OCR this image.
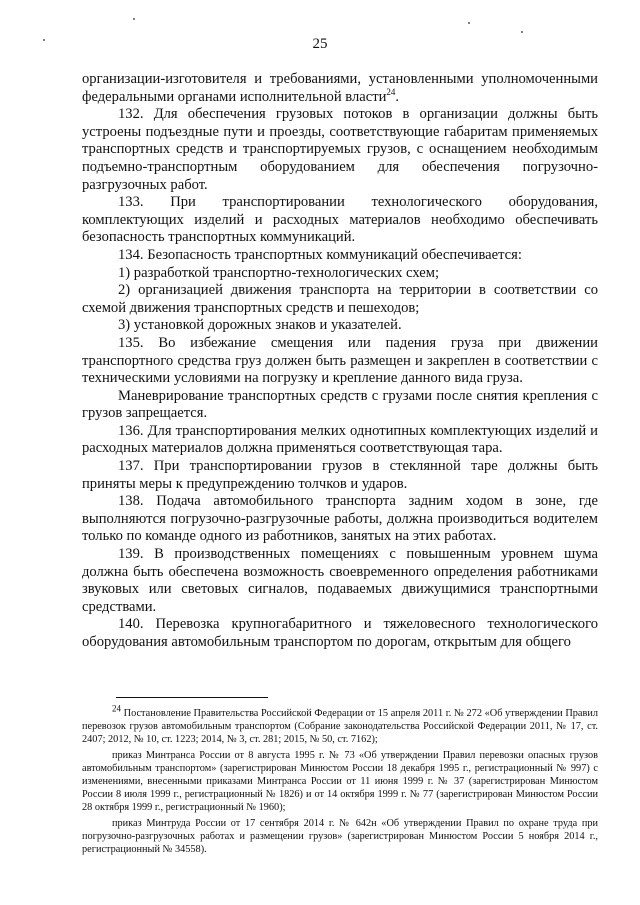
25

организации-изготовителя и требованиями, установленными уполномоченными федеральными органами исполнительной власти$^{24}$.

132. Для обеспечения грузовых потоков в организации должны быть устроены подъездные пути и проезды, соответствующие габаритам применяемых транспортных средств и транспортируемых грузов, с оснащением необходимым подъемно-транспортным оборудованием для обеспечения погрузочно-разгрузочных работ.

133. При транспортировании технологического оборудования, комплектующих изделий и расходных материалов необходимо обеспечивать безопасность транспортных коммуникаций.

134. Безопасность транспортных коммуникаций обеспечивается:

1) разработкой транспортно-технологических схем;

2) организацией движения транспорта на территории в соответствии со схемой движения транспортных средств и пешеходов;

3) установкой дорожных знаков и указателей.

135. Во избежание смещения или падения груза при движении транспортного средства груз должен быть размещен и закреплен в соответствии с техническими условиями на погрузку и крепление данного вида груза.

Маневрирование транспортных средств с грузами после снятия крепления с грузов запрещается.

136. Для транспортирования мелких однотипных комплектующих изделий и расходных материалов должна применяться соответствующая тара.

137. При транспортировании грузов в стеклянной таре должны быть приняты меры к предупреждению толчков и ударов.

138. Подача автомобильного транспорта задним ходом в зоне, где выполняются погрузочно-разгрузочные работы, должна производиться водителем только по команде одного из работников, занятых на этих работах.

139. В производственных помещениях с повышенным уровнем шума должна быть обеспечена возможность своевременного определения работниками звуковых или световых сигналов, подаваемых движущимися транспортными средствами.

140. Перевозка крупногабаритного и тяжеловесного технологического оборудования автомобильным транспортом по дорогам, открытым для общего

$^{24}$ Постановление Правительства Российской Федерации от 15 апреля 2011 г. № 272 «Об утверждении Правил перевозок грузов автомобильным транспортом (Собрание законодательства Российской Федерации 2011, № 17, ст. 2407; 2012, № 10, ст. 1223; 2014, № 3, ст. 281; 2015, № 50, ст. 7162);

приказ Минтранса России от 8 августа 1995 г. № 73 «Об утверждении Правил перевозки опасных грузов автомобильным транспортом» (зарегистрирован Минюстом России 18 декабря 1995 г., регистрационный № 997) с изменениями, внесенными приказами Минтранса России от 11 июня 1999 г. № 37 (зарегистрирован Минюстом России 8 июля 1999 г., регистрационный № 1826) и от 14 октября 1999 г. № 77 (зарегистрирован Минюстом России 28 октября 1999 г., регистрационный № 1960);

приказ Минтруда России от 17 сентября 2014 г. № 642н «Об утверждении Правил по охране труда при погрузочно-разгрузочных работах и размещении грузов» (зарегистрирован Минюстом России 5 ноября 2014 г., регистрационный № 34558).
